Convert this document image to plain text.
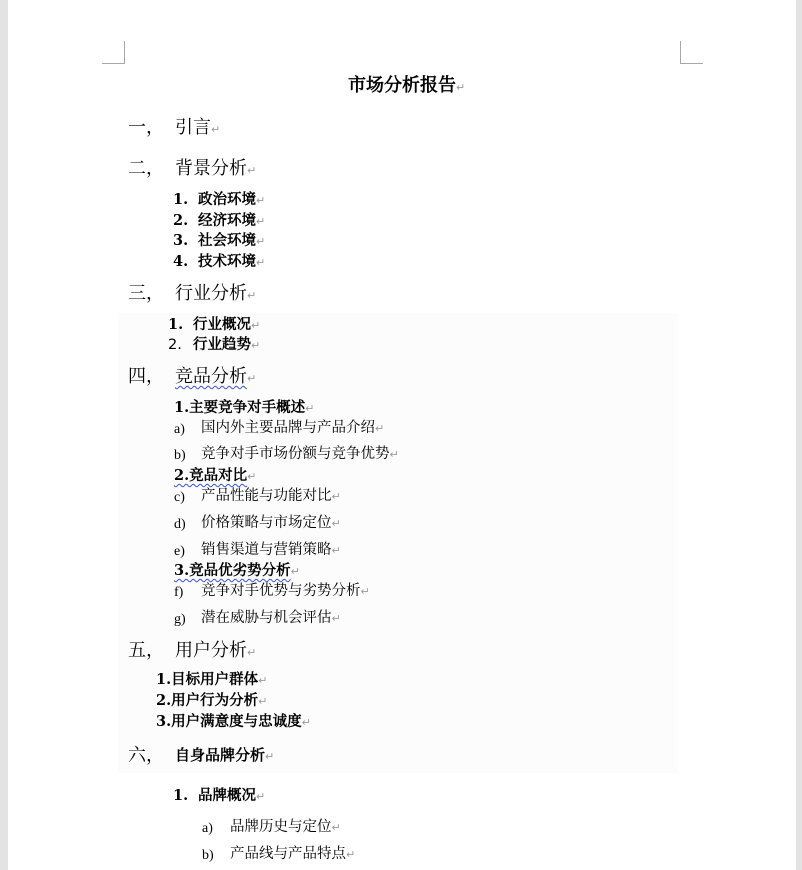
市场分析报告↵
一， 引言↵
二， 背景分析↵
1. 政治环境↵
2. 经济环境↵
3. 社会环境↵
4. 技术环境↵
三， 行业分析↵
1. 行业概况↵
2. 行业趋势↵
四， 竞品分析↵
1.主要竞争对手概述↵
a) 国内外主要品牌与产品介绍↵
b) 竞争对手市场份额与竞争优势↵
2.竞品对比↵
c) 产品性能与功能对比↵
d) 价格策略与市场定位↵
e) 销售渠道与营销策略↵
3.竞品优劣势分析↵
f) 竞争对手优势与劣势分析↵
g) 潜在威胁与机会评估↵
五， 用户分析↵
1.目标用户群体↵
2.用户行为分析↵
3.用户满意度与忠诚度↵
六， 自身品牌分析↵
1. 品牌概况↵
a) 品牌历史与定位↵
b) 产品线与产品特点↵
